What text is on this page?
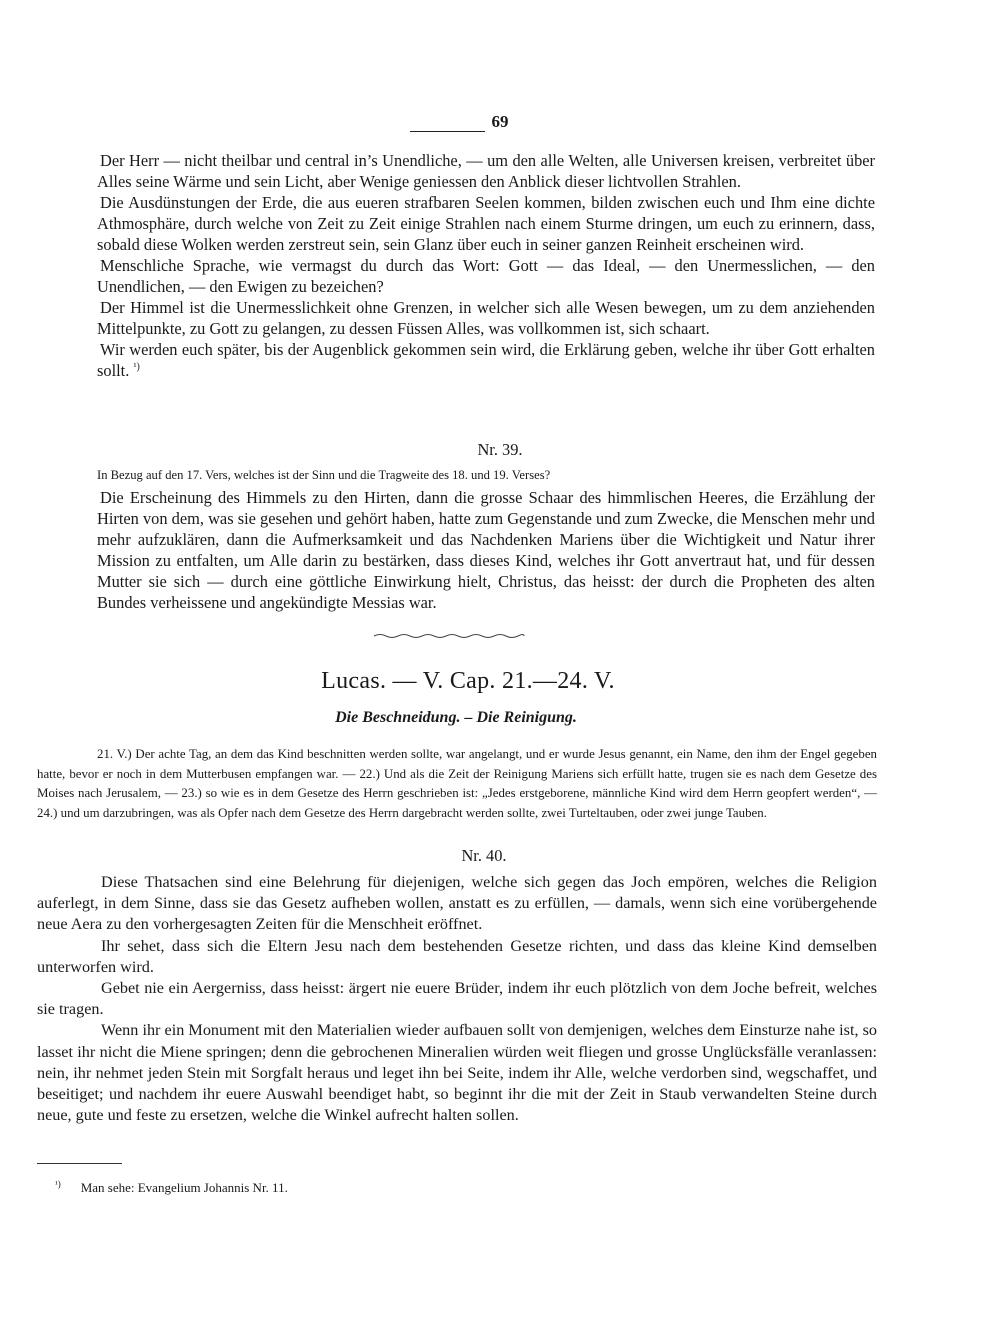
69

Der Herr — nicht theilbar und central in’s Unendliche, — um den alle Welten, alle Universen kreisen, verbreitet über Alles seine Wärme und sein Licht, aber Wenige geniessen den Anblick dieser lichtvollen Strahlen.

Die Ausdünstungen der Erde, die aus eueren strafbaren Seelen kommen, bilden zwischen euch und Ihm eine dichte Athmosphäre, durch welche von Zeit zu Zeit einige Strahlen nach einem Sturme dringen, um euch zu erinnern, dass, sobald diese Wolken werden zerstreut sein, sein Glanz über euch in seiner ganzen Reinheit erscheinen wird.

Menschliche Sprache, wie vermagst du durch das Wort: Gott — das Ideal, — den Unermesslichen, — den Unendlichen, — den Ewigen zu bezeichen?

Der Himmel ist die Unermesslichkeit ohne Grenzen, in welcher sich alle Wesen bewegen, um zu dem anziehenden Mittelpunkte, zu Gott zu gelangen, zu dessen Füssen Alles, was vollkommen ist, sich schaart.

Wir werden euch später, bis der Augenblick gekommen sein wird, die Erklärung geben, welche ihr über Gott erhalten sollt. $^{^1)}$

Nr. 39.
In Bezug auf den 17. Vers, welches ist der Sinn und die Tragweite des 18. und 19. Verses?

Die Erscheinung des Himmels zu den Hirten, dann die grosse Schaar des himmlischen Heeres, die Erzählung der Hirten von dem, was sie gesehen und gehört haben, hatte zum Gegenstande und zum Zwecke, die Menschen mehr und mehr aufzuklären, dann die Aufmerksamkeit und das Nachdenken Mariens über die Wichtigkeit und Natur ihrer Mission zu entfalten, um Alle darin zu bestärken, dass dieses Kind, welches ihr Gott anvertraut hat, und für dessen Mutter sie sich — durch eine göttliche Einwirkung hielt, Christus, das heisst: der durch die Propheten des alten Bundes verheissene und angekündigte Messias war.

Lucas. — V. Cap. 21.—24. V.
Die Beschneidung. – Die Reinigung.

21. V.) Der achte Tag, an dem das Kind beschnitten werden sollte, war angelangt, und er wurde Jesus genannt, ein Name, den ihm der Engel gegeben hatte, bevor er noch in dem Mutterbusen empfangen war. — 22.) Und als die Zeit der Reinigung Mariens sich erfüllt hatte, trugen sie es nach dem Gesetze des Moises nach Jerusalem, — 23.) so wie es in dem Gesetze des Herrn geschrieben ist: „Jedes erstgeborene, männliche Kind wird dem Herrn geopfert werden“, — 24.) und um darzubringen, was als Opfer nach dem Gesetze des Herrn dargebracht werden sollte, zwei Turteltauben, oder zwei junge Tauben.

Nr. 40.

Diese Thatsachen sind eine Belehrung für diejenigen, welche sich gegen das Joch empören, welches die Religion auferlegt, in dem Sinne, dass sie das Gesetz aufheben wollen, anstatt es zu erfüllen, — damals, wenn sich eine vorübergehende neue Aera zu den vorhergesagten Zeiten für die Menschheit eröffnet.

Ihr sehet, dass sich die Eltern Jesu nach dem bestehenden Gesetze richten, und dass das kleine Kind demselben unterworfen wird.

Gebet nie ein Aergerniss, dass heisst: ärgert nie euere Brüder, indem ihr euch plötzlich von dem Joche befreit, welches sie tragen.

Wenn ihr ein Monument mit den Materialien wieder aufbauen sollt von demjenigen, welches dem Einsturze nahe ist, so lasset ihr nicht die Miene springen; denn die gebrochenen Mineralien würden weit fliegen und grosse Unglücksfälle veranlassen: nein, ihr nehmet jeden Stein mit Sorgfalt heraus und leget ihn bei Seite, indem ihr Alle, welche verdorben sind, wegschaffet, und beseitiget; und nachdem ihr euere Auswahl beendiget habt, so beginnt ihr die mit der Zeit in Staub verwandelten Steine durch neue, gute und feste zu ersetzen, welche die Winkel aufrecht halten sollen.

$^{^1)}$ Man sehe: Evangelium Johannis Nr. 11.
